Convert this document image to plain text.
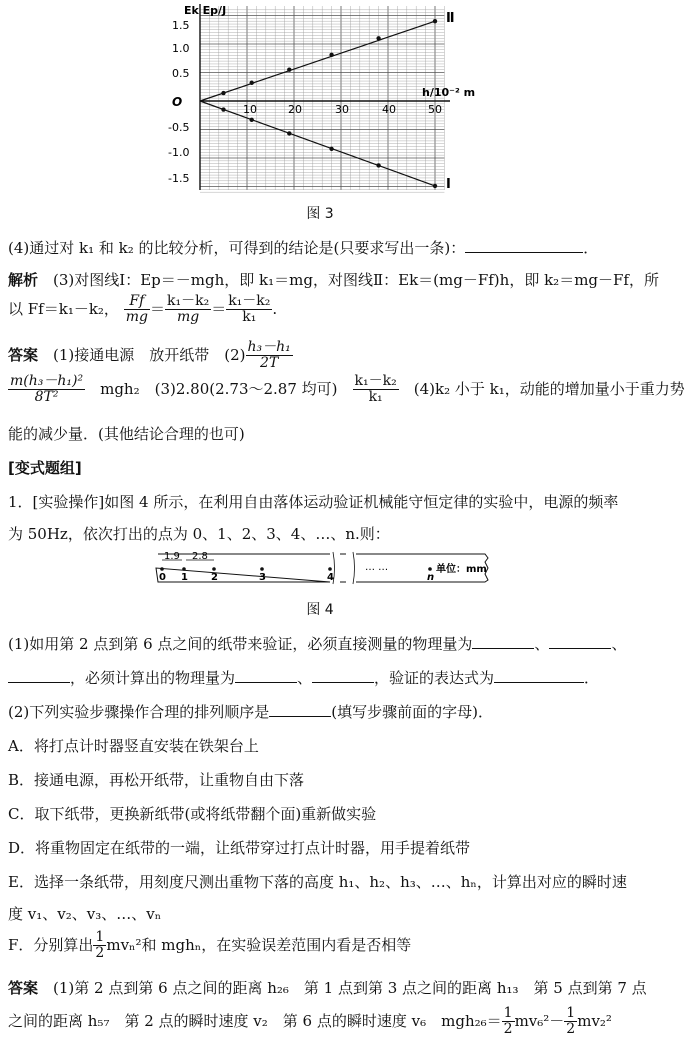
Ek Ep/J
h/10⁻² m
O
1.5
1.0
0.5
-0.5
-1.0
-1.5
10	20	30	40	50
Ⅱ
Ⅰ
图 3
(4)通过对 k₁ 和 k₂ 的比较分析，可得到的结论是(只要求写出一条)：	．
解析　 (3)对图线Ⅰ：Ep＝－mgh，即 k₁＝mg，对图线Ⅱ：Ek＝(mg－Ff)h，即 k₂＝mg－Ff，所
以 Ff＝k₁－k₂， $\frac{Ff}{mg} = \frac{\text{k₁－k₂}}{mg} = \frac{\text{k₁－k₂}}{\text{k₁}}$ .
答案　 (1)接通电源　放开纸带　$(2) \frac{\text{h₃－h₁}}{2T}$
$\frac{\text{m(h₃－h₁)²}}{\text{8T²}}$
　 mgh₂　(3)2.80(2.73～2.87 均可)　 $\frac{\text{k₁－k₂}}{\text{k₁}}$
　 (4)k₂ 小于 k₁，动能的增加量小于重力势
能的减少量．(其他结论合理的也可)
[变式题组]
1．[实验操作]如图 4 所示，在利用自由落体运动验证机械能守恒定律的实验中，电源的频率
为 50Hz，依次打出的点为 0、1、2、3、4、…、n.则：
1.9 2.8
0 1 2	3	4	n
… …	单位：mm
图 4
(1)如用第 2 点到第 6 点之间的纸带来验证，必须直接测量的物理量为	、	、
，必须计算出的物理量为	、	，验证的表达式为	．
(2)下列实验步骤操作合理的排列顺序是	(填写步骤前面的字母)．
A．将打点计时器竖直安装在铁架台上
B．接通电源，再松开纸带，让重物自由下落
C．取下纸带，更换新纸带(或将纸带翻个面)重新做实验
D．将重物固定在纸带的一端，让纸带穿过打点计时器，用手提着纸带
E．选择一条纸带，用刻度尺测出重物下落的高度 h₁、h₂、h₃、…、hₙ，计算出对应的瞬时速
度 v₁、v₂、v₃、…、vₙ
F．分别算出 $\frac{1}{2} mv_n^2$和 mghₙ，在实验误差范围内看是否相等
答案　 (1)第 2 点到第 6 点之间的距离 h₂₆　第 1 点到第 3 点之间的距离 h₁₃　第 5 点到第 7 点
之间的距离 h₅₇　第 2 点的瞬时速度 v₂　第 6 点的瞬时速度 v₆　$mgh_{26}= \frac{1}{2} mv_6^2- \frac{1}{2} mv_2^2$
